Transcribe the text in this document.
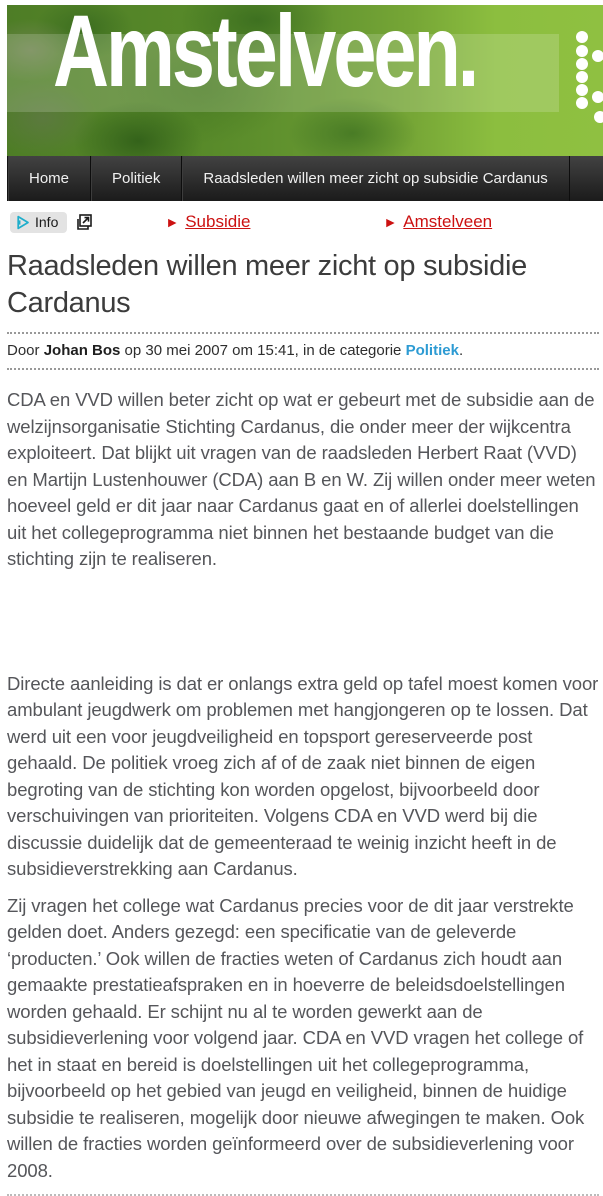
Amstelveen.
Home	Politiek	Raadsleden willen meer zicht op subsidie Cardanus
Info	► Subsidie	► Amstelveen
Raadsleden willen meer zicht op subsidie Cardanus

Door Johan Bos op 30 mei 2007 om 15:41, in de categorie Politiek.

CDA en VVD willen beter zicht op wat er gebeurt met de subsidie aan de welzijnsorganisatie Stichting Cardanus, die onder meer der wijkcentra exploiteert. Dat blijkt uit vragen van de raadsleden Herbert Raat (VVD) en Martijn Lustenhouwer (CDA) aan B en W. Zij willen onder meer weten hoeveel geld er dit jaar naar Cardanus gaat en of allerlei doelstellingen uit het collegeprogramma niet binnen het bestaande budget van die stichting zijn te realiseren.

Directe aanleiding is dat er onlangs extra geld op tafel moest komen voor ambulant jeugdwerk om problemen met hangjongeren op te lossen. Dat werd uit een voor jeugdveiligheid en topsport gereserveerde post gehaald. De politiek vroeg zich af of de zaak niet binnen de eigen begroting van de stichting kon worden opgelost, bijvoorbeeld door verschuivingen van prioriteiten. Volgens CDA en VVD werd bij die discussie duidelijk dat de gemeenteraad te weinig inzicht heeft in de subsidieverstrekking aan Cardanus.

Zij vragen het college wat Cardanus precies voor de dit jaar verstrekte gelden doet. Anders gezegd: een specificatie van de geleverde ‘producten.’ Ook willen de fracties weten of Cardanus zich houdt aan gemaakte prestatieafspraken en in hoeverre de beleidsdoelstellingen worden gehaald. Er schijnt nu al te worden gewerkt aan de subsidieverlening voor volgend jaar. CDA en VVD vragen het college of het in staat en bereid is doelstellingen uit het collegeprogramma, bijvoorbeeld op het gebied van jeugd en veiligheid, binnen de huidige subsidie te realiseren, mogelijk door nieuwe afwegingen te maken. Ook willen de fracties worden geïnformeerd over de subsidieverlening voor 2008.
